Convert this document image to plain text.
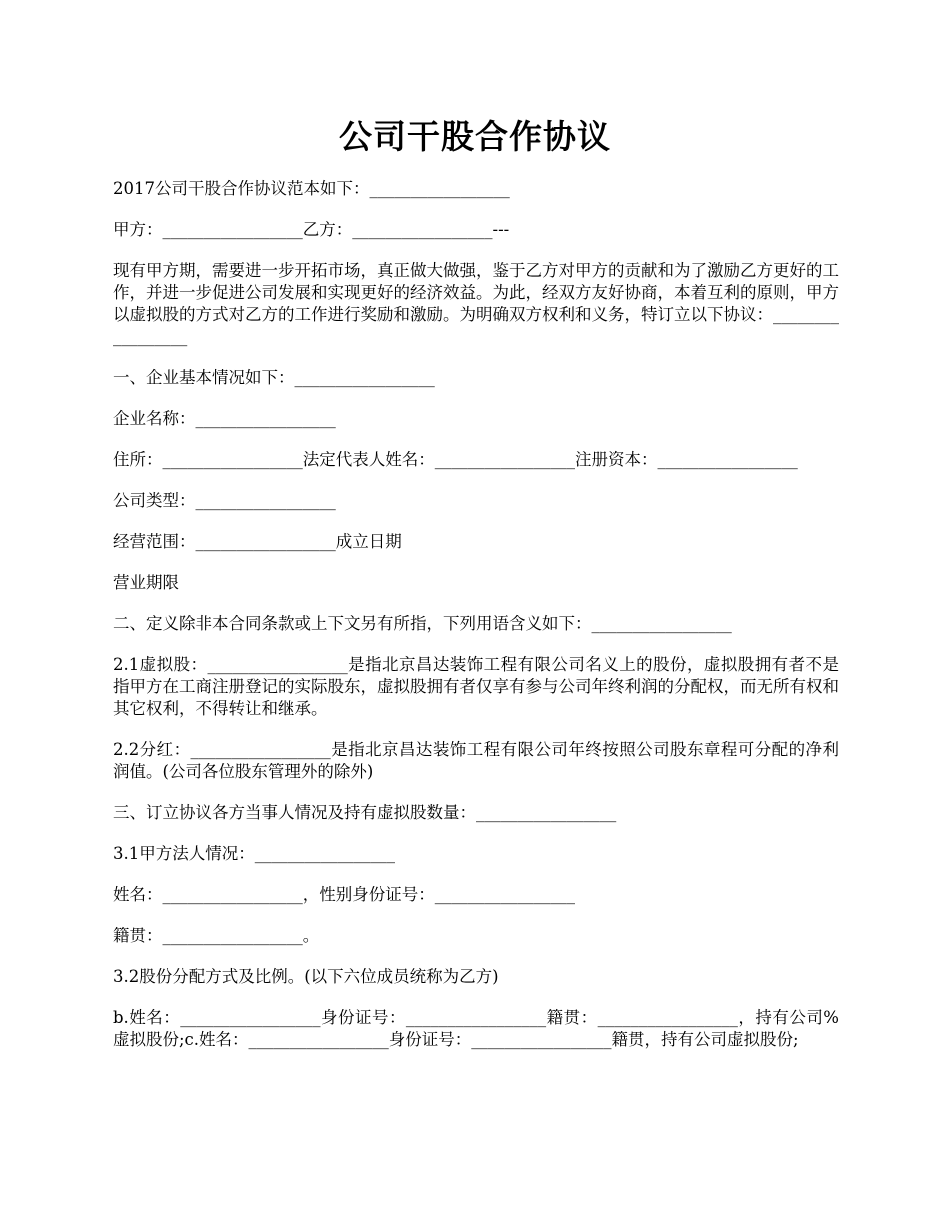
公司干股合作协议

2017公司干股合作协议范本如下：_________________

甲方：_________________乙方：_________________---

现有甲方期，需要进一步开拓市场，真正做大做强，鉴于乙方对甲方的贡献和为了激励乙方更好的工作，并进一步促进公司发展和实现更好的经济效益。为此，经双方友好协商，本着互利的原则，甲方以虚拟股的方式对乙方的工作进行奖励和激励。为明确双方权利和义务，特订立以下协议：_________________

一、企业基本情况如下：_________________

企业名称：_________________

住所：_________________法定代表人姓名：_________________注册资本：_________________

公司类型：_________________

经营范围：_________________成立日期

营业期限

二、定义除非本合同条款或上下文另有所指，下列用语含义如下：_________________

2.1虚拟股：_________________是指北京昌达装饰工程有限公司名义上的股份，虚拟股拥有者不是指甲方在工商注册登记的实际股东，虚拟股拥有者仅享有参与公司年终利润的分配权，而无所有权和其它权利，不得转让和继承。

2.2分红：_________________是指北京昌达装饰工程有限公司年终按照公司股东章程可分配的净利润值。(公司各位股东管理外的除外)

三、订立协议各方当事人情况及持有虚拟股数量：_________________

3.1甲方法人情况：_________________

姓名：_________________，性别身份证号：_________________

籍贯：_________________。

3.2股份分配方式及比例。(以下六位成员统称为乙方)

b.姓名：_________________身份证号：_________________籍贯：_________________，持有公司%虚拟股份;c.姓名：_________________身份证号：_________________籍贯，持有公司虚拟股份;
